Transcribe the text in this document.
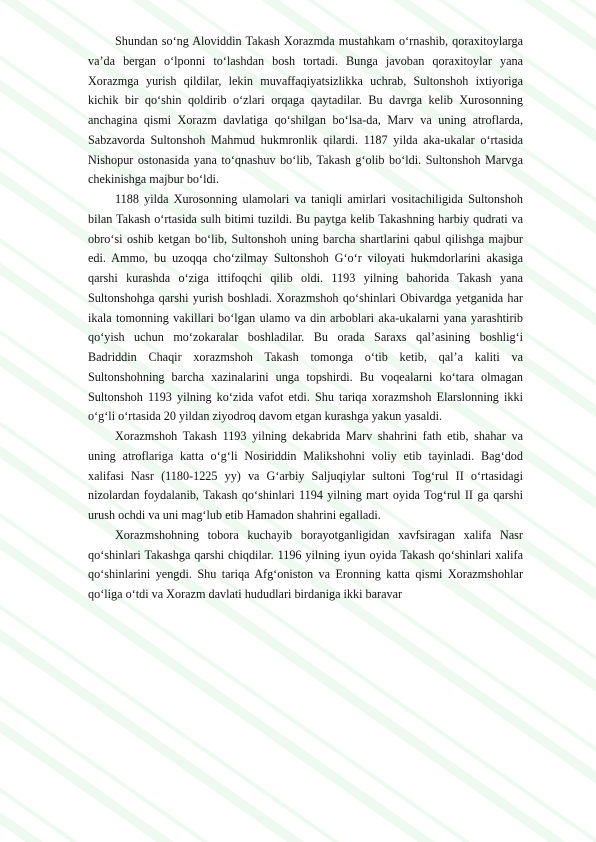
Shundan so‘ng Aloviddin Takash Xorazmda mustahkam o‘rnashib, qoraxitoylarga va’da bergan o‘lponni to‘lashdan bosh tortadi. Bunga javoban qoraxitoylar yana Xorazmga yurish qildilar, lekin muvaffaqiyatsizlikka uchrab, Sultonshoh ixtiyoriga kichik bir qo‘shin qoldirib o‘zlari orqaga qaytadilar. Bu davrga kelib Xurosonning anchagina qismi Xorazm davlatiga qo‘shilgan bo‘lsa-da, Marv va uning atroflarda, Sabzavorda Sultonshoh Mahmud hukmronlik qilardi. 1187 yilda aka-ukalar o‘rtasida Nishopur ostonasida yana to‘qnashuv bo‘lib, Takash g‘olib bo‘ldi. Sultonshoh Marvga chekinishga majbur bo‘ldi.

1188 yilda Xurosonning ulamolari va taniqli amirlari vositachiligida Sultonshoh bilan Takash o‘rtasida sulh bitimi tuzildi. Bu paytga kelib Takashning harbiy qudrati va obro‘si oshib ketgan bo‘lib, Sultonshoh uning barcha shartlarini qabul qilishga majbur edi. Ammo, bu uzoqqa cho‘zilmay Sultonshoh G‘o‘r viloyati hukmdorlarini akasiga qarshi kurashda o‘ziga ittifoqchi qilib oldi. 1193 yilning bahorida Takash yana Sultonshohga qarshi yurish boshladi. Xorazmshoh qo‘shinlari Obivardga yetganida har ikala tomonning vakillari bo‘lgan ulamo va din arboblari aka-ukalarni yana yarashtirib qo‘yish uchun mo‘zokaralar boshladilar. Bu orada Saraxs qal’asining boshlig‘i Badriddin Chaqir xorazmshoh Takash tomonga o‘tib ketib, qal’a kaliti va Sultonshohning barcha xazinalarini unga topshirdi. Bu voqealarni ko‘tara olmagan Sultonshoh 1193 yilning ko‘zida vafot etdi. Shu tariqa xorazmshoh Elarslonning ikki o‘g‘li o‘rtasida 20 yildan ziyodroq davom etgan kurashga yakun yasaldi.

Xorazmshoh Takash 1193 yilning dekabrida Marv shahrini fath etib, shahar va uning atroflariga katta o‘g‘li Nosiriddin Malikshohni voliy etib tayinladi. Bag‘dod xalifasi Nasr (1180-1225 yy) va G‘arbiy Saljuqiylar sultoni Tog‘rul II o‘rtasidagi nizolardan foydalanib, Takash qo‘shinlari 1194 yilning mart oyida Tog‘rul II ga qarshi urush ochdi va uni mag‘lub etib Hamadon shahrini egalladi.

Xorazmshohning tobora kuchayib borayotganligidan xavfsiragan xalifa Nasr qo‘shinlari Takashga qarshi chiqdilar. 1196 yilning iyun oyida Takash qo‘shinlari xalifa qo‘shinlarini yengdi. Shu tariqa Afg‘oniston va Eronning katta qismi Xorazmshohlar qo‘liga o‘tdi va Xorazm davlati hududlari birdaniga ikki baravar
